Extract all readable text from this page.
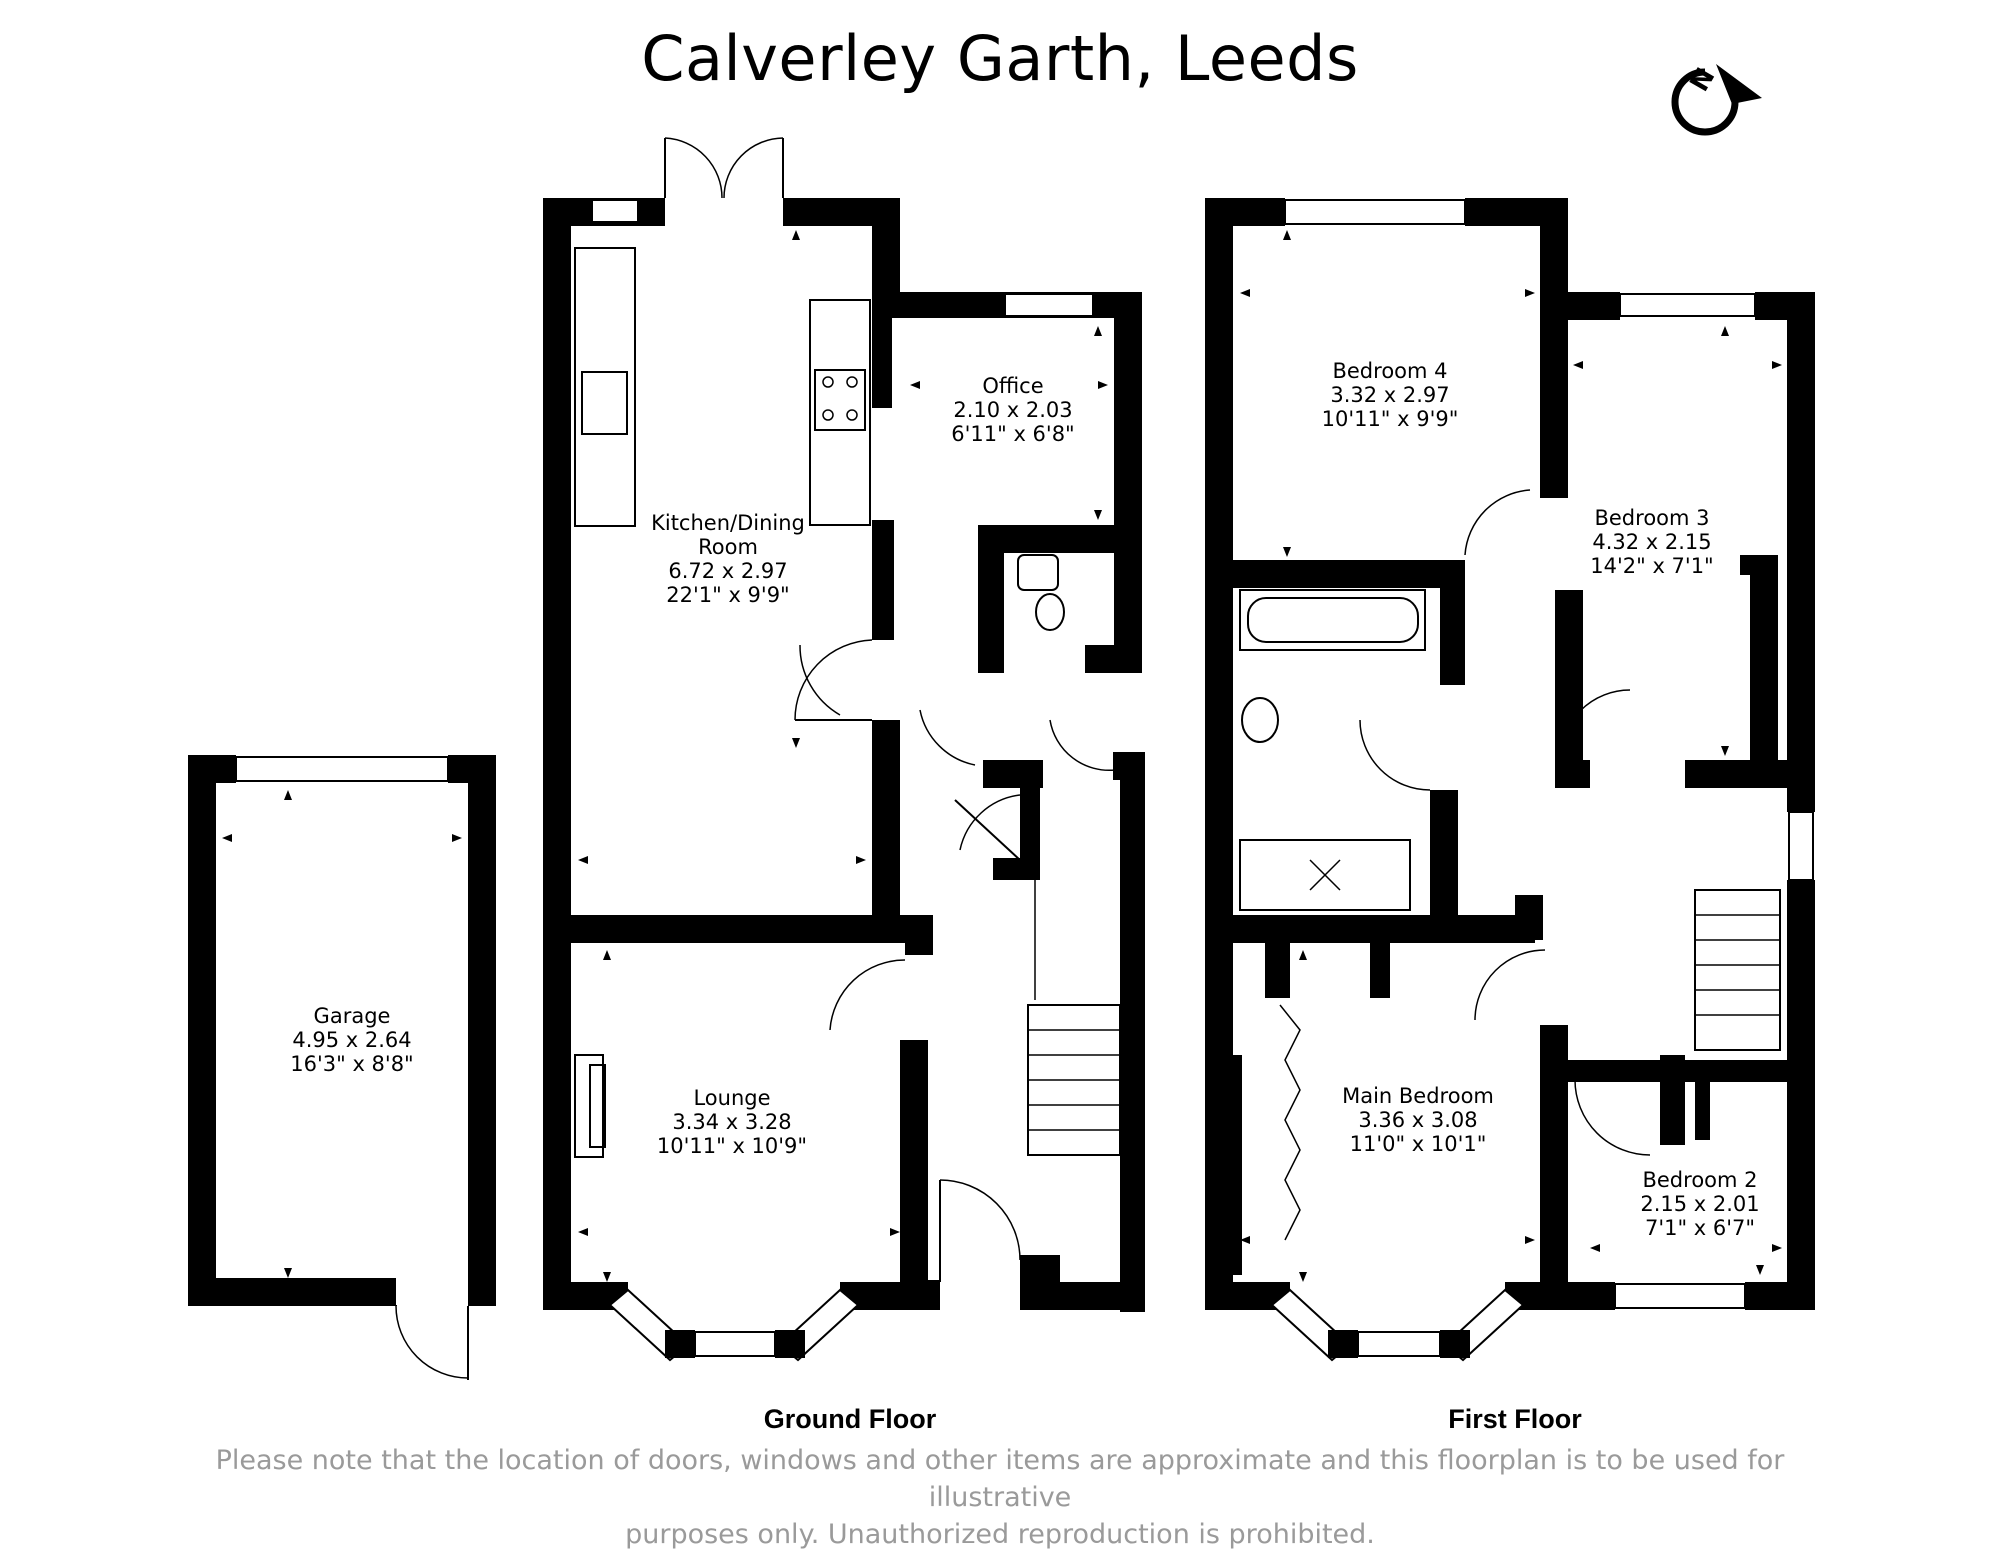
Calverley Garth, Leeds	N
Kitchen/Dining
Room
6.72 x 2.97
22'1" x 9'9"
Office
2.10 x 2.03
6'11" x 6'8"
Lounge
3.34 x 3.28
10'11" x 10'9"
Garage
4.95 x 2.64
16'3" x 8'8"
Bedroom 4
3.32 x 2.97
10'11" x 9'9"
Bedroom 3
4.32 x 2.15
14'2" x 7'1"
Main Bedroom
3.36 x 3.08
11'0" x 10'1"
Bedroom 2
2.15 x 2.01
7'1" x 6'7"
Ground Floor	First Floor
Please note that the location of doors, windows and other items are approximate and this floorplan is to be used for illustrative
purposes only. Unauthorized reproduction is prohibited.
